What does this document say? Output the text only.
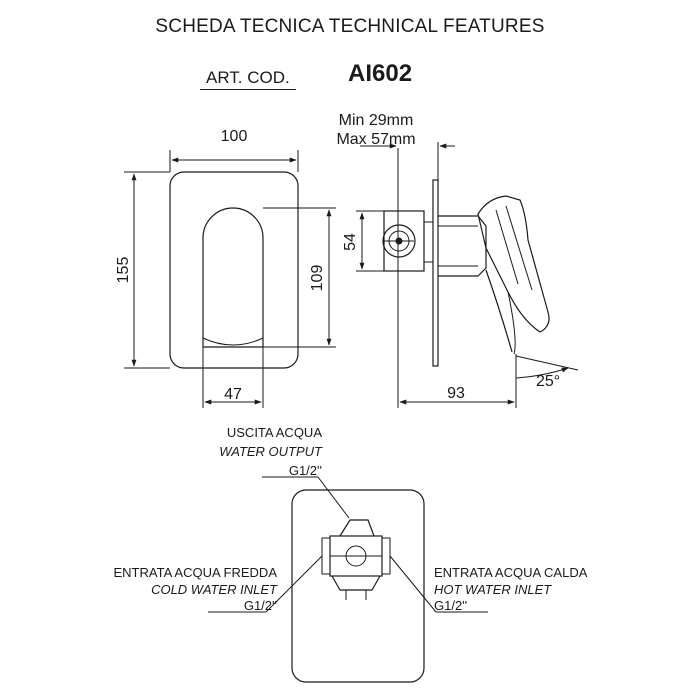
SCHEDA TECNICA TECHNICAL FEATURES
ART. COD. AI602
100
155	109
47
Min 29mm
Max 57mm
54
93
25°
USCITA ACQUA
WATER OUTPUT
G1/2''
ENTRATA ACQUA FREDDA
COLD WATER INLET
G1/2''
ENTRATA ACQUA CALDA
HOT WATER INLET
G1/2''
